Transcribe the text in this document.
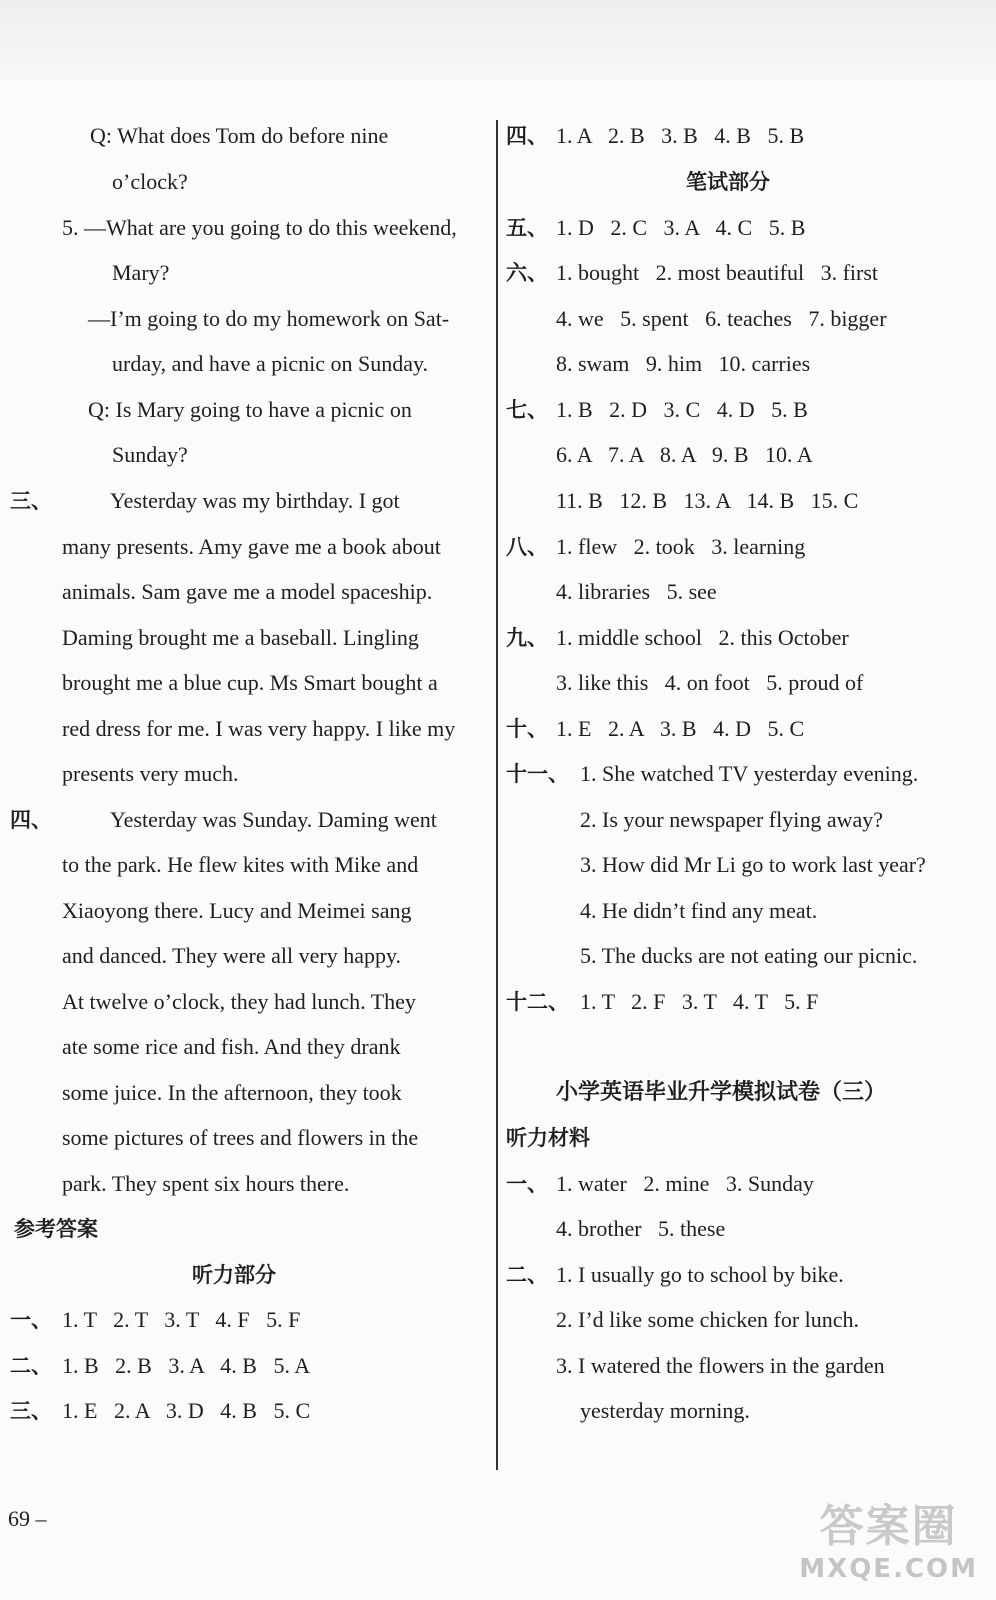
Q: What does Tom do before nine
o’clock?
5. —What are you going to do this weekend,
Mary?
—I’m going to do my homework on Sat-
urday, and have a picnic on Sunday.
Q: Is Mary going to have a picnic on
Sunday?
三、	Yesterday was my birthday. I got
many presents. Amy gave me a book about
animals. Sam gave me a model spaceship.
Daming brought me a baseball. Lingling
brought me a blue cup. Ms Smart bought a
red dress for me. I was very happy. I like my
presents very much.
四、	Yesterday was Sunday. Daming went
to the park. He flew kites with Mike and
Xiaoyong there. Lucy and Meimei sang
and danced. They were all very happy.
At twelve o’clock, they had lunch. They
ate some rice and fish. And they drank
some juice. In the afternoon, they took
some pictures of trees and flowers in the
park. They spent six hours there.
参考答案
听力部分
一、 1. T   2. T   3. T   4. F   5. F
二、 1. B   2. B   3. A   4. B   5. A
三、 1. E   2. A   3. D   4. B   5. C
四、 1. A   2. B   3. B   4. B   5. B
笔试部分
五、 1. D   2. C   3. A   4. C   5. B
六、 1. bought   2. most beautiful   3. first
4. we   5. spent   6. teaches   7. bigger
8. swam   9. him   10. carries
七、 1. B   2. D   3. C   4. D   5. B
6. A   7. A   8. A   9. B   10. A
11. B   12. B   13. A   14. B   15. C
八、 1. flew   2. took   3. learning
4. libraries   5. see
九、 1. middle school   2. this October
3. like this   4. on foot   5. proud of
十、 1. E   2. A   3. B   4. D   5. C
十一、 1. She watched TV yesterday evening.
2. Is your newspaper flying away?
3. How did Mr Li go to work last year?
4. He didn’t find any meat.
5. The ducks are not eating our picnic.
十二、 1. T   2. F   3. T   4. T   5. F
小学英语毕业升学模拟试卷（三）
听力材料
一、 1. water   2. mine   3. Sunday
4. brother   5. these
二、 1. I usually go to school by bike.
2. I’d like some chicken for lunch.
3. I watered the flowers in the garden
yesterday morning.
69 –	答案圈
MXQE.COM
